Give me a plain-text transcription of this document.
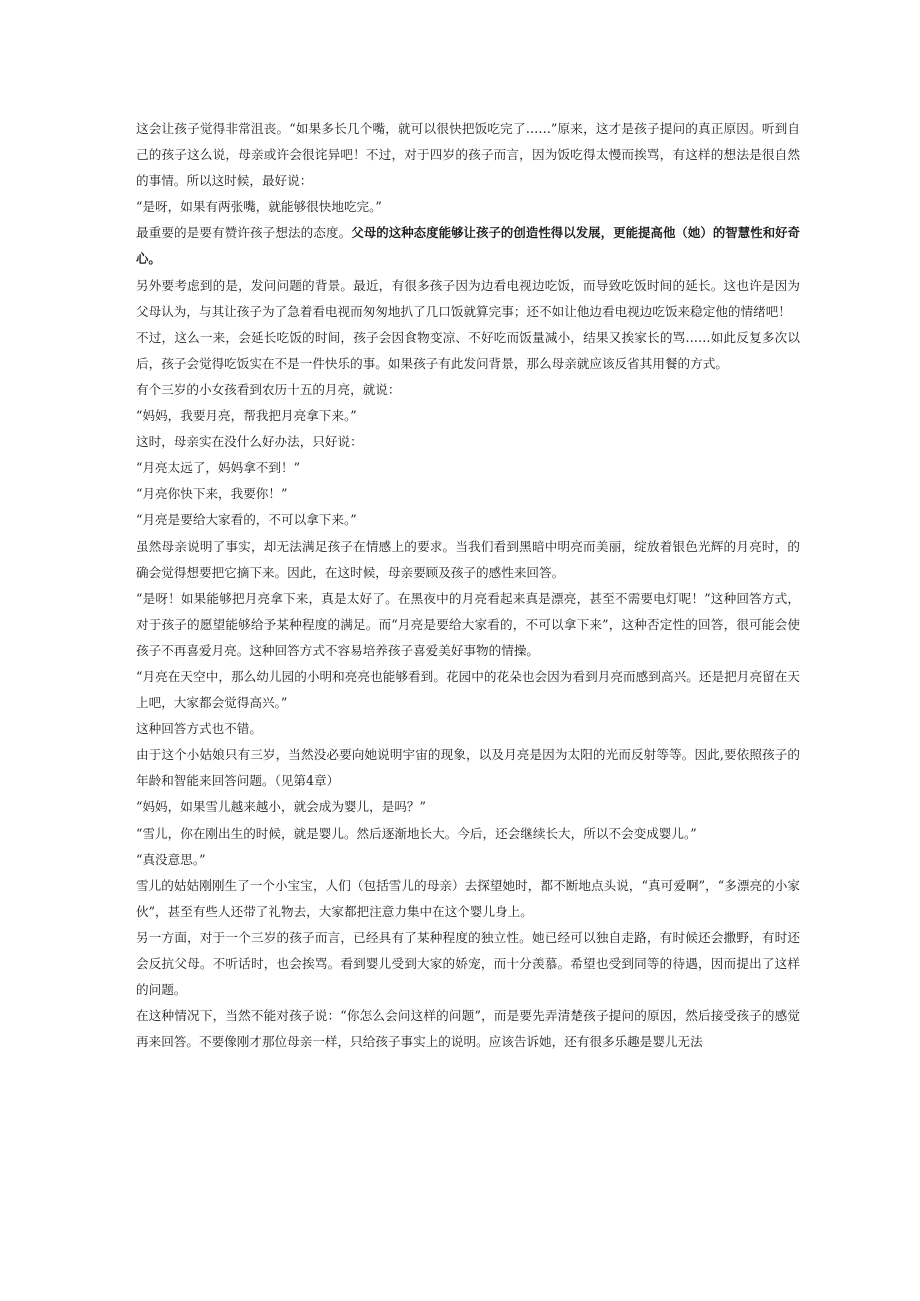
这会让孩子觉得非常沮丧。“如果多长几个嘴，就可以很快把饭吃完了……”原来，这才是孩子提问的真正原因。听到自己的孩子这么说，母亲或许会很诧异吧！不过，对于四岁的孩子而言，因为饭吃得太慢而挨骂，有这样的想法是很自然的事情。所以这时候，最好说：

“是呀，如果有两张嘴，就能够很快地吃完。”

最重要的是要有赞许孩子想法的态度。父母的这种态度能够让孩子的创造性得以发展，更能提高他（她）的智慧性和好奇心。

另外要考虑到的是，发问问题的背景。最近，有很多孩子因为边看电视边吃饭，而导致吃饭时间的延长。这也许是因为父母认为，与其让孩子为了急着看电视而匆匆地扒了几口饭就算完事；还不如让他边看电视边吃饭来稳定他的情绪吧！

不过，这么一来，会延长吃饭的时间，孩子会因食物变凉、不好吃而饭量减小，结果又挨家长的骂……如此反复多次以后，孩子会觉得吃饭实在不是一件快乐的事。如果孩子有此发问背景，那么母亲就应该反省其用餐的方式。

有个三岁的小女孩看到农历十五的月亮，就说：

“妈妈，我要月亮，帮我把月亮拿下来。”

这时，母亲实在没什么好办法，只好说：

“月亮太远了，妈妈拿不到！”

“月亮你快下来，我要你！”

“月亮是要给大家看的，不可以拿下来。”

虽然母亲说明了事实，却无法满足孩子在情感上的要求。当我们看到黑暗中明亮而美丽，绽放着银色光辉的月亮时，的确会觉得想要把它摘下来。因此，在这时候，母亲要顾及孩子的感性来回答。

“是呀！如果能够把月亮拿下来，真是太好了。在黑夜中的月亮看起来真是漂亮，甚至不需要电灯呢！”这种回答方式，对于孩子的愿望能够给予某种程度的满足。而“月亮是要给大家看的，不可以拿下来”，这种否定性的回答，很可能会使孩子不再喜爱月亮。这种回答方式不容易培养孩子喜爱美好事物的情操。

“月亮在天空中，那么幼儿园的小明和亮亮也能够看到。花园中的花朵也会因为看到月亮而感到高兴。还是把月亮留在天上吧，大家都会觉得高兴。”

这种回答方式也不错。

由于这个小姑娘只有三岁，当然没必要向她说明宇宙的现象，以及月亮是因为太阳的光而反射等等。因此,要依照孩子的年龄和智能来回答问题。（见第4章）

“妈妈，如果雪儿越来越小，就会成为婴儿，是吗？”

“雪儿，你在刚出生的时候，就是婴儿。然后逐渐地长大。今后，还会继续长大，所以不会变成婴儿。”

“真没意思。”

雪儿的姑姑刚刚生了一个小宝宝，人们（包括雪儿的母亲）去探望她时，都不断地点头说，“真可爱啊”，“多漂亮的小家伙”，甚至有些人还带了礼物去，大家都把注意力集中在这个婴儿身上。

另一方面，对于一个三岁的孩子而言，已经具有了某种程度的独立性。她已经可以独自走路，有时候还会撒野，有时还会反抗父母。不听话时，也会挨骂。看到婴儿受到大家的娇宠，而十分羡慕。希望也受到同等的待遇，因而提出了这样的问题。

在这种情况下，当然不能对孩子说：“你怎么会问这样的问题”，而是要先弄清楚孩子提问的原因，然后接受孩子的感觉再来回答。不要像刚才那位母亲一样，只给孩子事实上的说明。应该告诉她，还有很多乐趣是婴儿无法
